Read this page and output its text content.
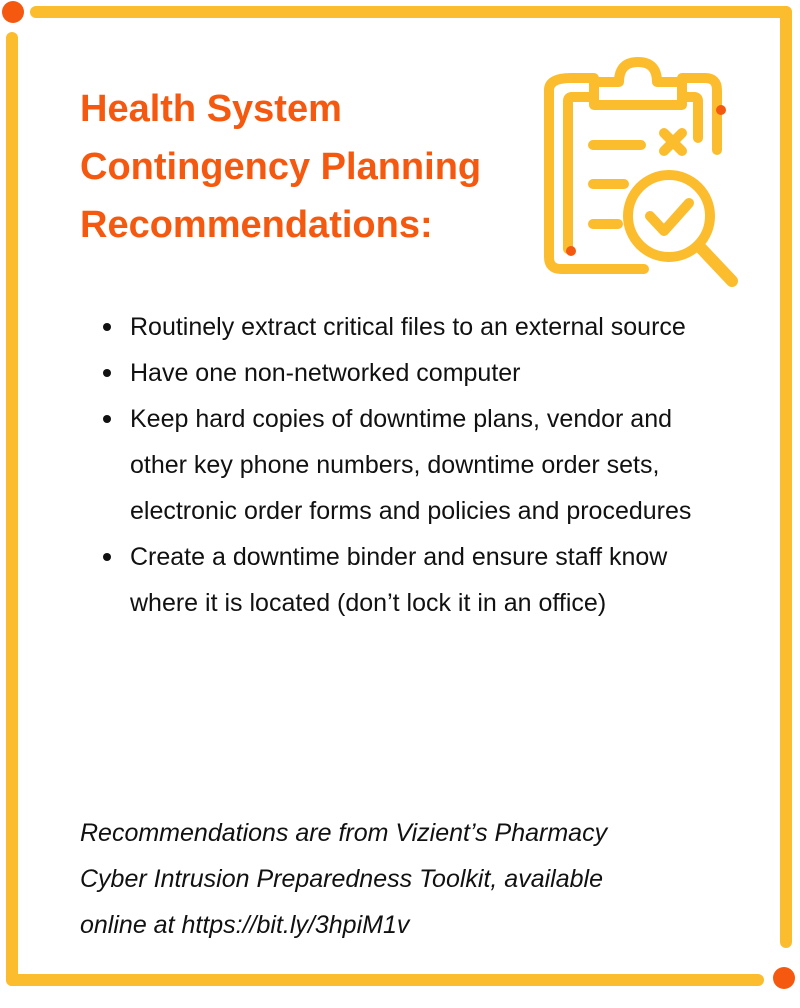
Health System
Contingency Planning
Recommendations:
Routinely extract critical files to an external source
Have one non-networked computer
Keep hard copies of downtime plans, vendor and other key phone numbers, downtime order sets, electronic order forms and policies and procedures
Create a downtime binder and ensure staff know where it is located (don’t lock it in an office)

Recommendations are from Vizient’s Pharmacy
Cyber Intrusion Preparedness Toolkit, available
online at https://bit.ly/3hpiM1v
